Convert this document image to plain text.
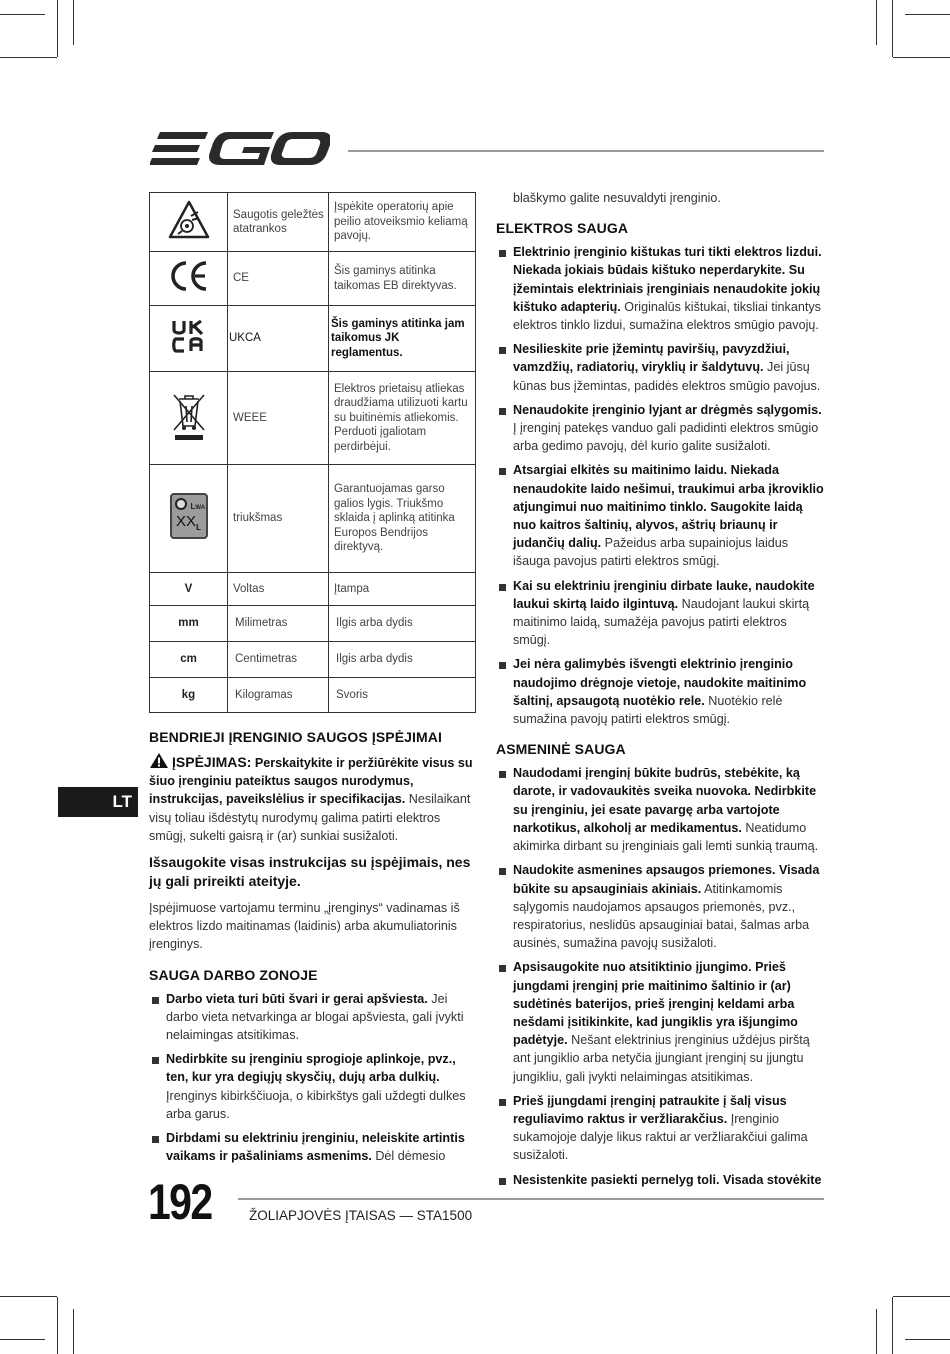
	Saugotis geležtės atatrankos	Įspėkite operatorių apie peilio atoveiksmio keliamą pavojų.
	CE	Šis gaminys atitinka taikomas EB direktyvas.
	UKCA	Šis gaminys atitinka jam taikomus JK reglamentus.
	WEEE	Elektros prietaisų atliekas draudžiama utilizuoti kartu su buitinėmis atliekomis. Perduoti įgaliotam perdirbėjui.

LWA
$XX_L$	triukšmas	Garantuojamas garso galios lygis. Triukšmo sklaida į aplinką atitinka Europos Bendrijos direktyvą.
V	Voltas	Įtampa
mm	Milimetras	Ilgis arba dydis
cm	Centimetras	Ilgis arba dydis
kg	Kilogramas	Svoris
BENDRIEJI ĮRENGINIO SAUGOS ĮSPĖJIMAI

ĮSPĖJIMAS: Perskaitykite ir peržiūrėkite visus su šiuo įrenginiu pateiktus saugos nurodymus, instrukcijas, paveikslėlius ir specifikacijas. Nesilaikant visų toliau išdėstytų nurodymų galima patirti elektros smūgį, sukelti gaisrą ir (ar) sunkiai susižaloti.

Išsaugokite visas instrukcijas su įspėjimais, nes jų gali prireikti ateityje.

Įspėjimuose vartojamu terminu „įrenginys“ vadinamas iš elektros lizdo maitinamas (laidinis) arba akumuliatorinis įrenginys.

SAUGA DARBO ZONOJE
Darbo vieta turi būti švari ir gerai apšviesta. Jei darbo vieta netvarkinga ar blogai apšviesta, gali įvykti nelaimingas atsitikimas.
Nedirbkite su įrenginiu sprogioje aplinkoje, pvz., ten, kur yra degiųjų skysčių, dujų arba dulkių. Įrenginys kibirkščiuoja, o kibirkštys gali uždegti dulkes arba garus.
Dirbdami su elektriniu įrenginiu, neleiskite artintis vaikams ir pašaliniams asmenims. Dėl dėmesio

blaškymo galite nesuvaldyti įrenginio.

ELEKTROS SAUGA
Elektrinio įrenginio kištukas turi tikti elektros lizdui. Niekada jokiais būdais kištuko neperdarykite. Su įžemintais elektriniais įrenginiais nenaudokite jokių kištuko adapterių. Originalūs kištukai, tiksliai tinkantys elektros tinklo lizdui, sumažina elektros smūgio pavojų.
Nesilieskite prie įžemintų paviršių, pavyzdžiui, vamzdžių, radiatorių, viryklių ir šaldytuvų. Jei jūsų kūnas bus įžemintas, padidės elektros smūgio pavojus.
Nenaudokite įrenginio lyjant ar drėgmės sąlygomis. Į įrenginį patekęs vanduo gali padidinti elektros smūgio arba gedimo pavojų, dėl kurio galite susižaloti.
Atsargiai elkitės su maitinimo laidu. Niekada nenaudokite laido nešimui, traukimui arba įkroviklio atjungimui nuo maitinimo tinklo. Saugokite laidą nuo kaitros šaltinių, alyvos, aštrių briaunų ir judančių dalių. Pažeidus arba supainiojus laidus išauga pavojus patirti elektros smūgį.
Kai su elektriniu įrenginiu dirbate lauke, naudokite laukui skirtą laido ilgintuvą. Naudojant laukui skirtą maitinimo laidą, sumažėja pavojus patirti elektros smūgį.
Jei nėra galimybės išvengti elektrinio įrenginio naudojimo drėgnoje vietoje, naudokite maitinimo šaltinį, apsaugotą nuotėkio rele. Nuotėkio relė sumažina pavojų patirti elektros smūgį.
ASMENINĖ SAUGA
Naudodami įrenginį būkite budrūs, stebėkite, ką darote, ir vadovaukitės sveika nuovoka. Nedirbkite su įrenginiu, jei esate pavargę arba vartojote narkotikus, alkoholį ar medikamentus. Neatidumo akimirka dirbant su įrenginiais gali lemti sunkią traumą.
Naudokite asmenines apsaugos priemones. Visada būkite su apsauginiais akiniais. Atitinkamomis sąlygomis naudojamos apsaugos priemonės, pvz., respiratorius, neslidūs apsauginiai batai, šalmas arba ausinės, sumažina pavojų susižaloti.
Apsisaugokite nuo atsitiktinio įjungimo. Prieš jungdami įrenginį prie maitinimo šaltinio ir (ar) sudėtinės baterijos, prieš įrenginį keldami arba nešdami įsitikinkite, kad jungiklis yra išjungimo padėtyje. Nešant elektrinius įrenginius uždėjus pirštą ant jungiklio arba netyčia įjungiant įrenginį su įjungtu jungikliu, gali įvykti nelaimingas atsitikimas.
Prieš įjungdami įrenginį patraukite į šalį visus reguliavimo raktus ir veržliarakčius. Įrenginio sukamojoje dalyje likus raktui ar veržliarakčiui galima susižaloti.
Nesistenkite pasiekti pernelyg toli. Visada stovėkite
LT
192	ŽOLIAPJOVĖS ĮTAISAS — STA1500
